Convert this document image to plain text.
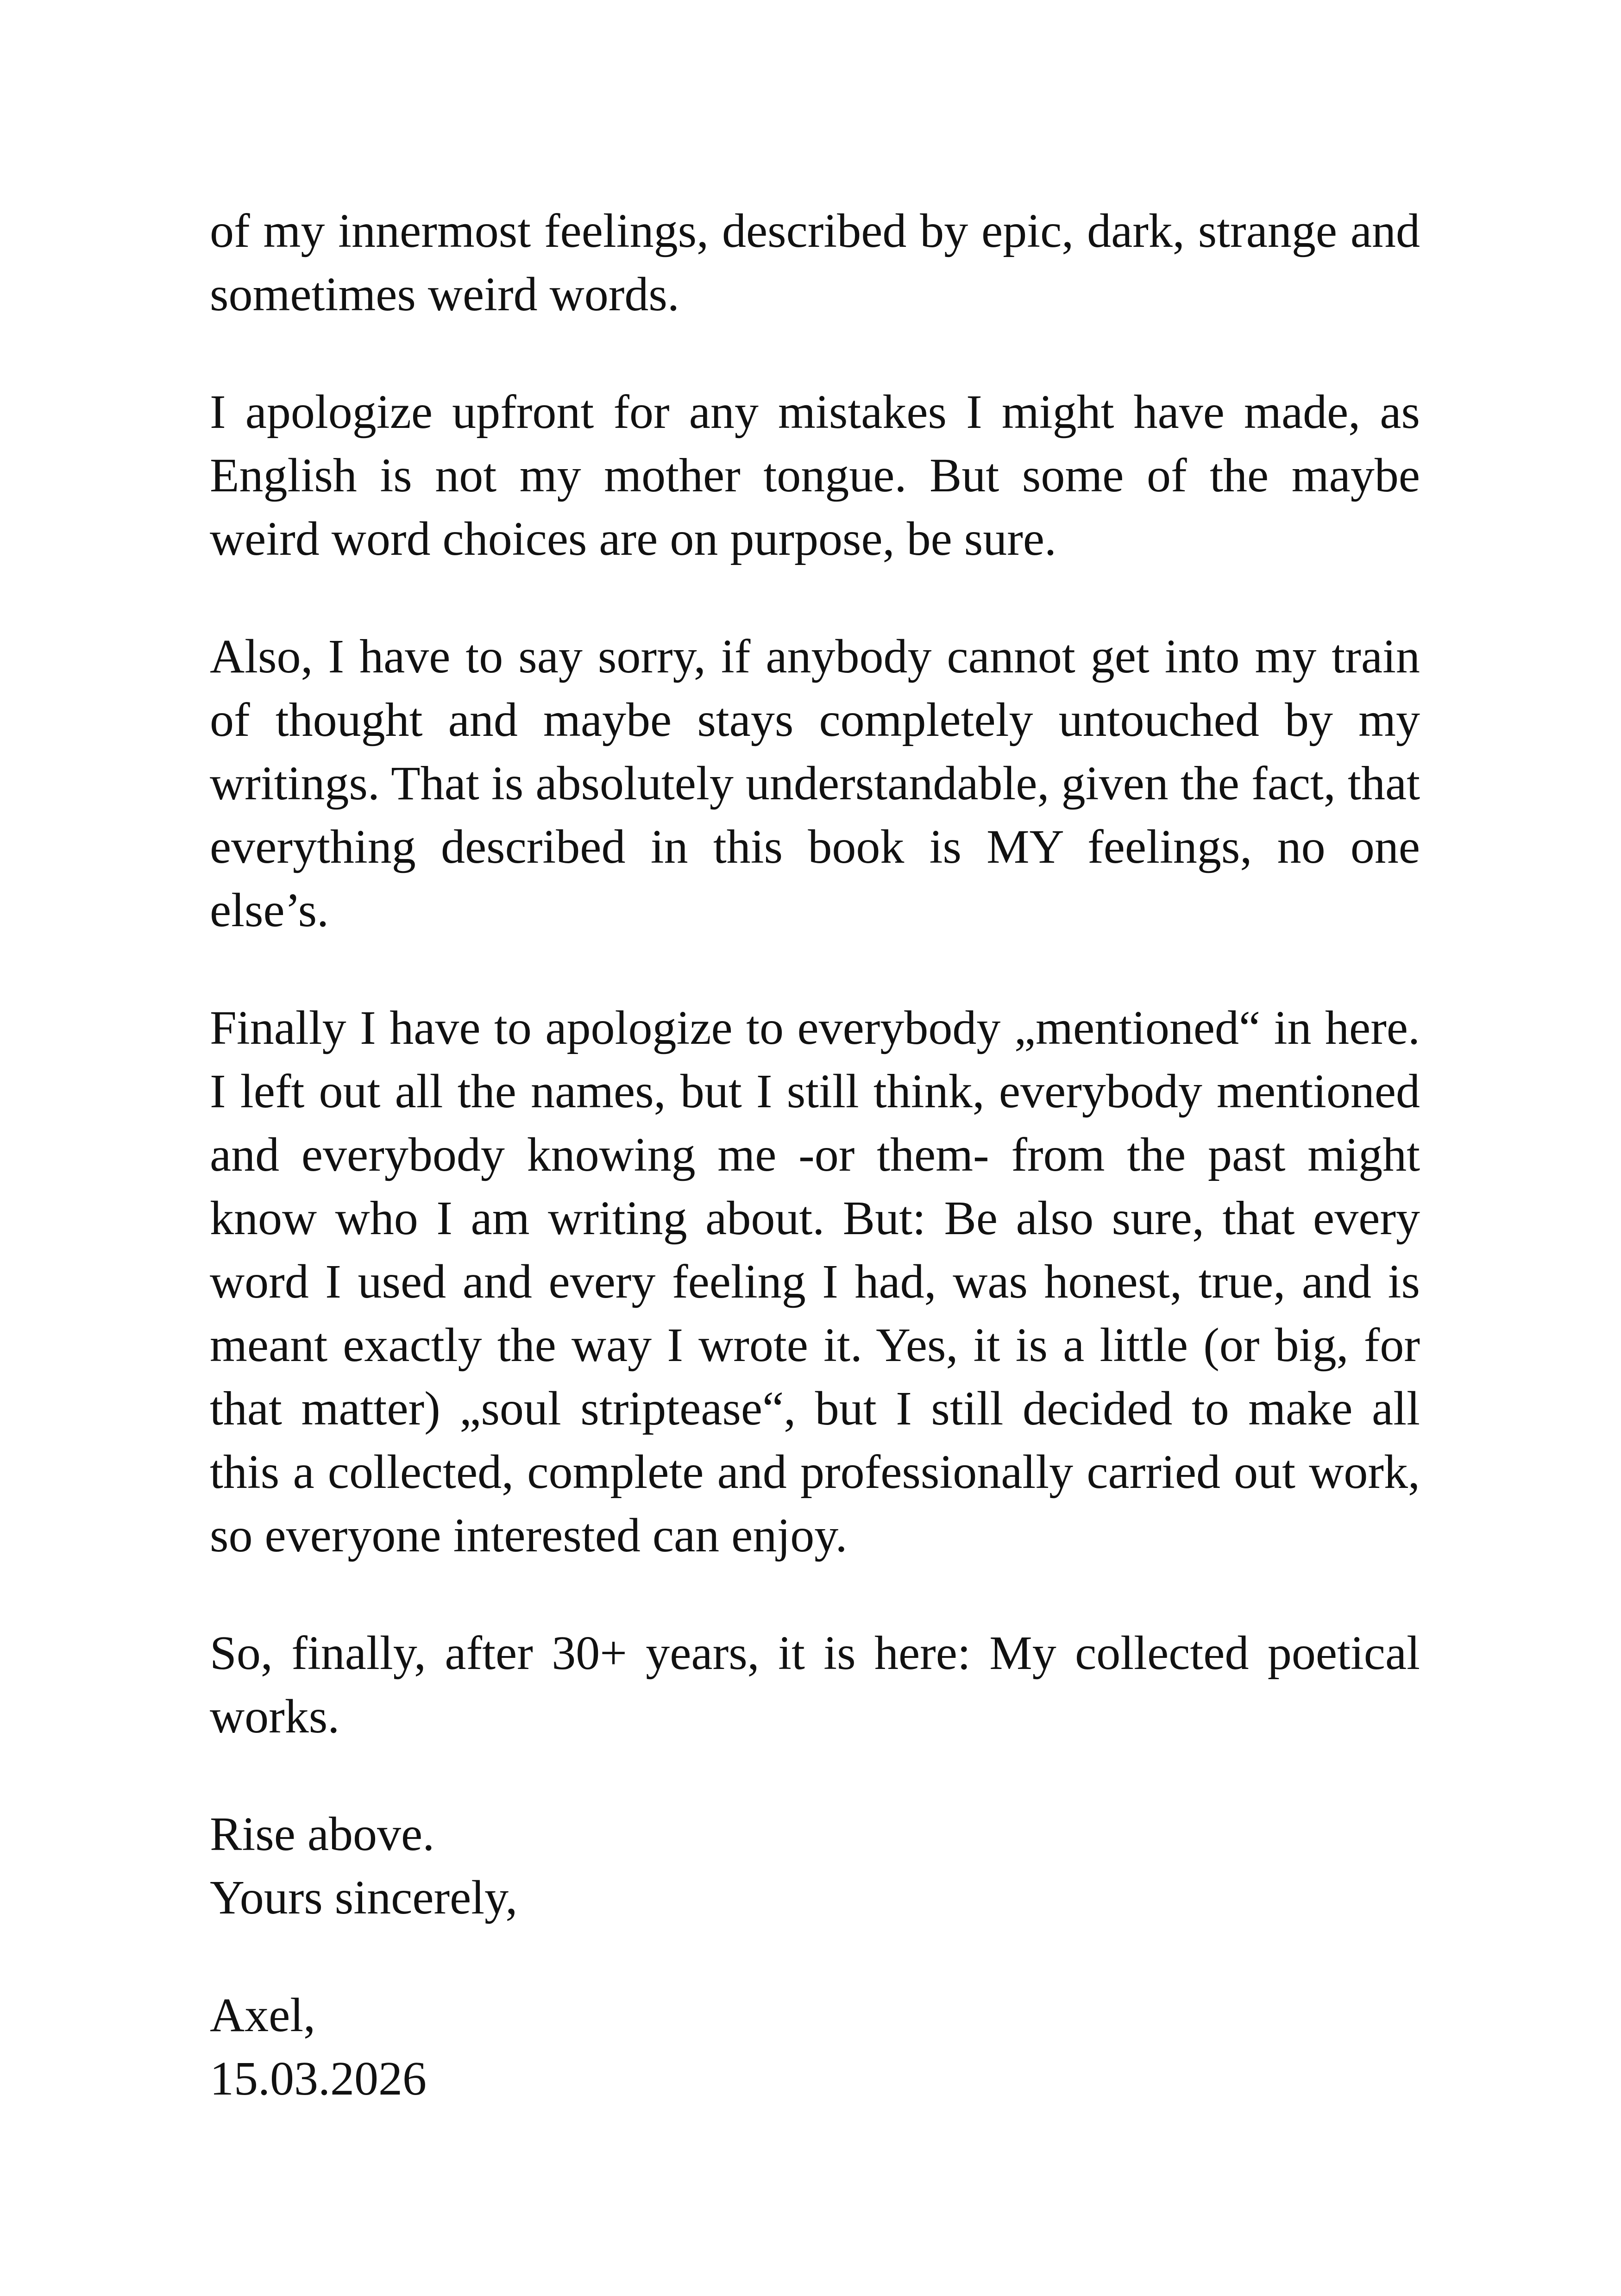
of my innermost feelings, described by epic, dark, strange and sometimes weird words.

I apologize upfront for any mistakes I might have made, as English is not my mother tongue. But some of the maybe weird word choices are on purpose, be sure.

Also, I have to say sorry, if anybody cannot get into my train of thought and maybe stays completely untouched by my writings. That is absolutely understandable, given the fact, that everything described in this book is MY feelings, no one else’s.

Finally I have to apologize to everybody „mentioned“ in here. I left out all the names, but I still think, everybody mentioned and everybody knowing me -or them- from the past might know who I am writing about. But: Be also sure, that every word I used and every feeling I had, was honest, true, and is meant exactly the way I wrote it. Yes, it is a little (or big, for that matter) „soul striptease“, but I still decided to make all this a collected, complete and professionally carried out work, so everyone interested can enjoy.

So, finally, after 30+ years, it is here: My collected poetical works.

Rise above.
Yours sincerely,
Axel,
15.03.2026
